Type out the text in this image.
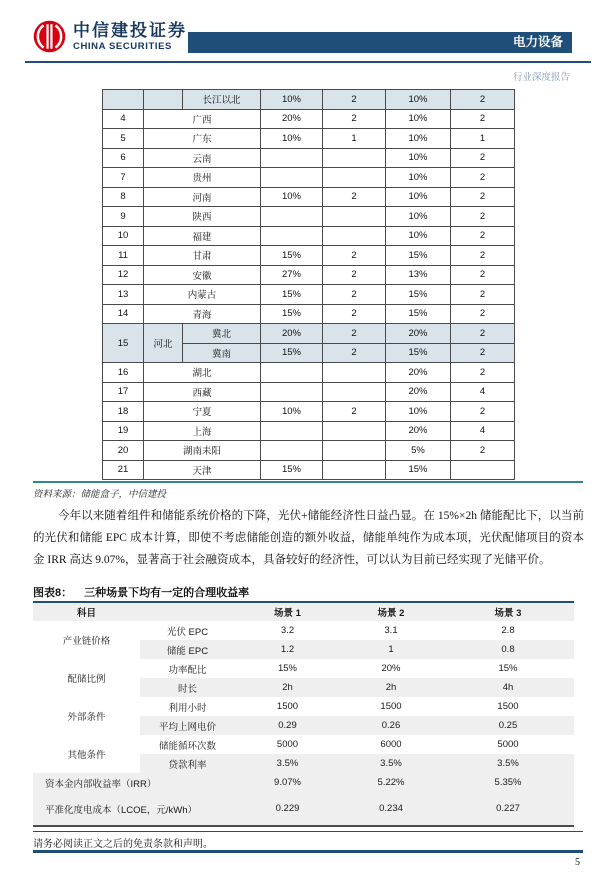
中信建投证券
CHINA SECURITIES	电力设备
行业深度报告
		长江以北	10%	2	10%	2
4	广西		20%	2	10%	2
5	广东		10%	1	10%	1
6	云南				10%	2
7	贵州				10%	2
8	河南		10%	2	10%	2
9	陕西				10%	2
10	福建				10%	2
11	甘肃		15%	2	15%	2
12	安徽		27%	2	13%	2
13	内蒙古		15%	2	15%	2
14	青海		15%	2	15%	2
15	河北	冀北	20%	2	20%	2
		冀南	15%	2	15%	2
16	湖北				20%	2
17	西藏				20%	4
18	宁夏		10%	2	10%	2
19	上海				20%	4
20	湖南耒阳				5%	2
21	天津		15%		15%	
资料来源：储能盒子，中信建投
今年以来随着组件和储能系统价格的下降，光伏+储能经济性日益凸显。在 15%×2h 储能配比下，以当前的光伏和储能 EPC 成本计算，即使不考虑储能创造的额外收益，储能单纯作为成本项，光伏配储项目的资本金 IRR 高达 9.07%，显著高于社会融资成本，具备较好的经济性，可以认为目前已经实现了光储平价。
图表8： 三种场景下均有一定的合理收益率
科目		场景 1	场景 2	场景 3
产业链价格	光伏 EPC	3.2	3.1	2.8
	储能 EPC	1.2	1	0.8
配储比例	功率配比	15%	20%	15%
	时长	2h	2h	4h
外部条件	利用小时	1500	1500	1500
	平均上网电价	0.29	0.26	0.25
其他条件	储能循环次数	5000	6000	5000
	贷款利率	3.5%	3.5%	3.5%
资本金内部收益率（IRR）		9.07%	5.22%	5.35%
平准化度电成本（LCOE，元/kWh）		0.229	0.234	0.227
请务必阅读正文之后的免责条款和声明。
5
